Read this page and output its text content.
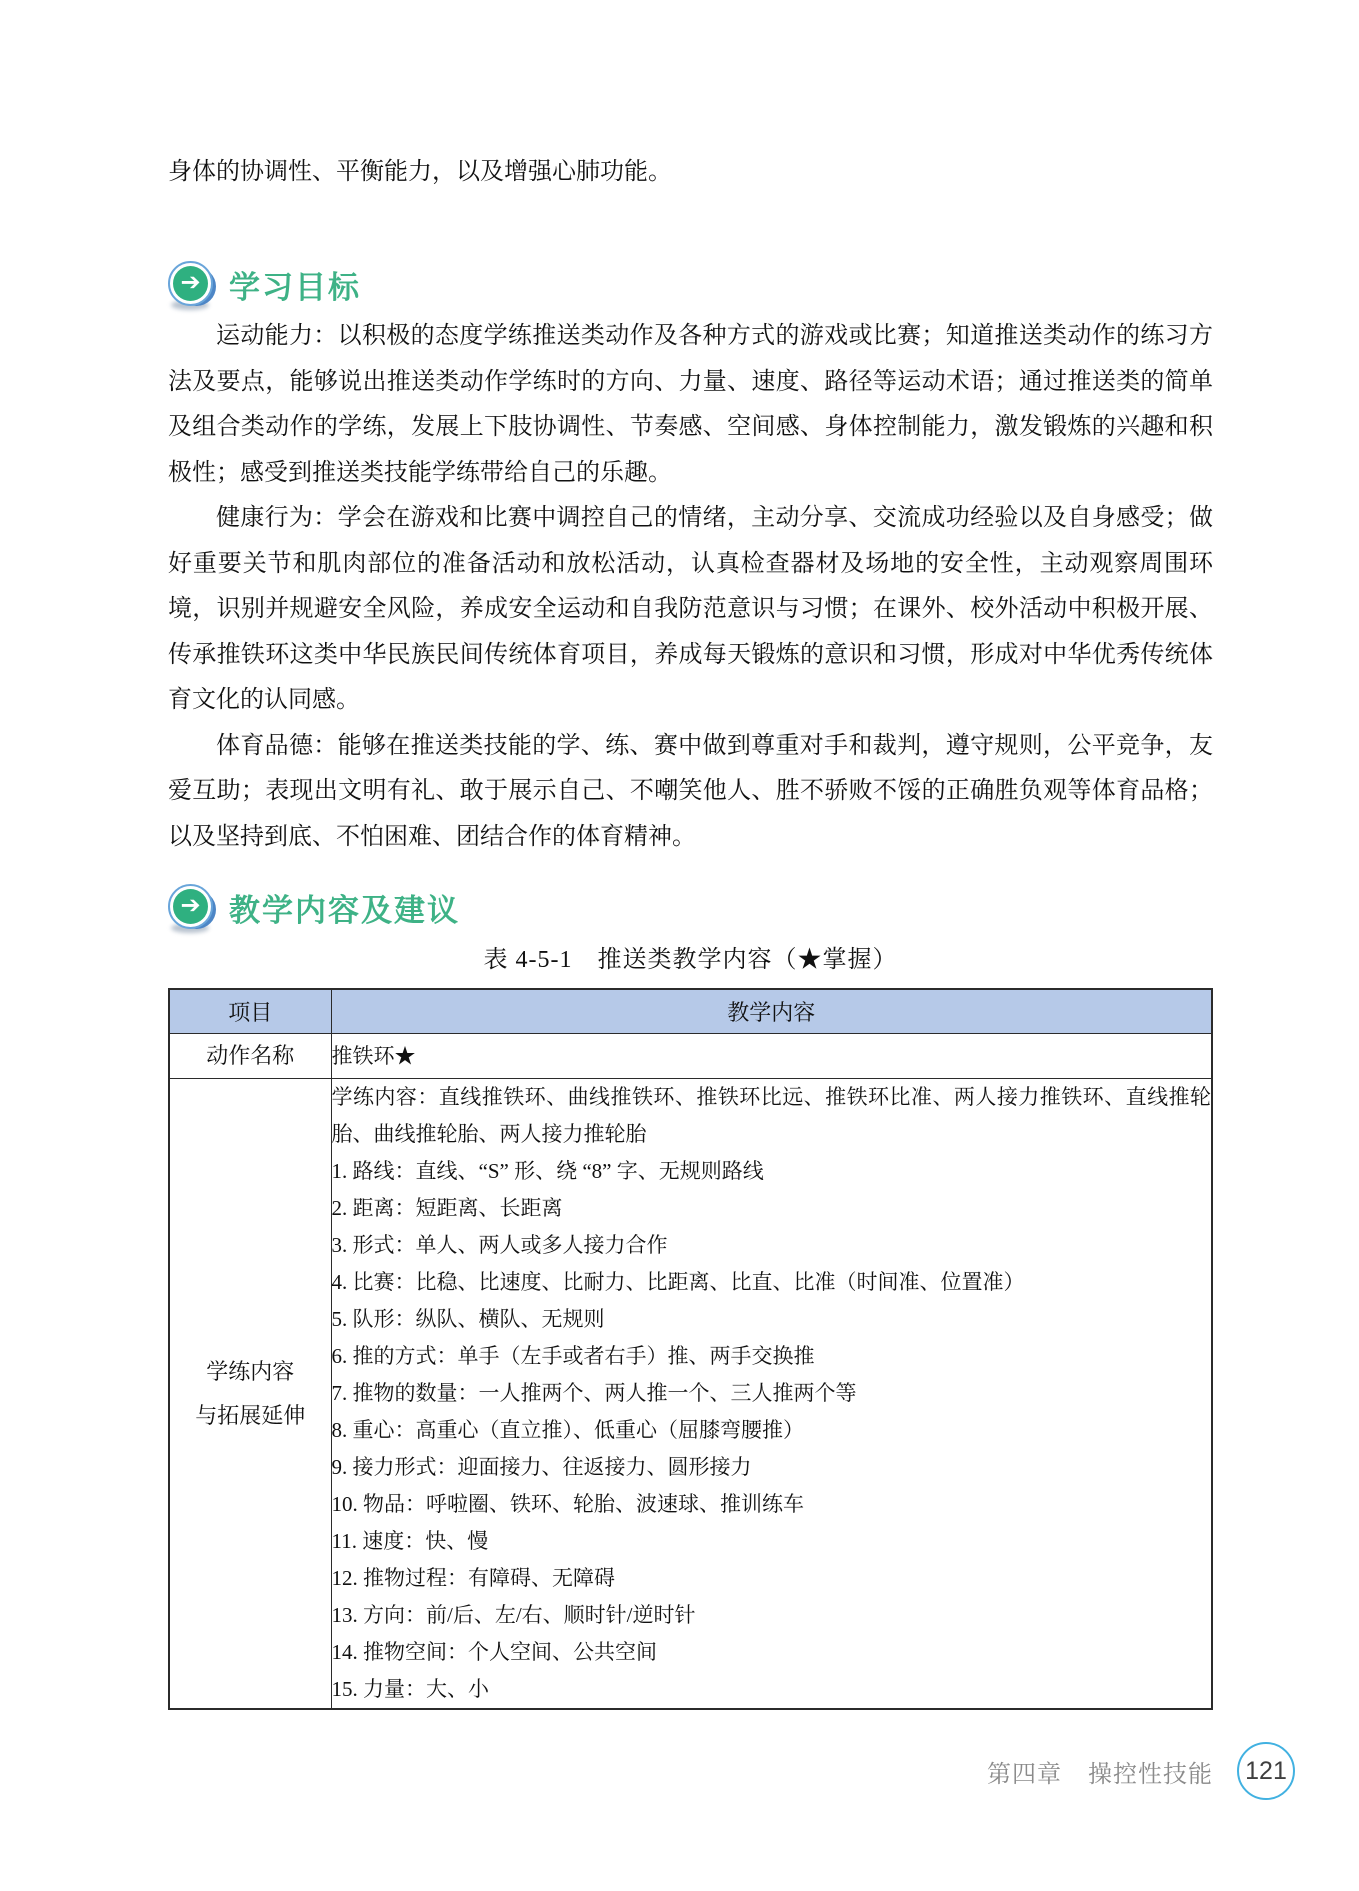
身体的协调性、平衡能力，以及增强心肺功能。

➔ 学习目标
运动能力：以积极的态度学练推送类动作及各种方式的游戏或比赛；知道推送类动作的练习方法及要点，能够说出推送类动作学练时的方向、力量、速度、路径等运动术语；通过推送类的简单及组合类动作的学练，发展上下肢协调性、节奏感、空间感、身体控制能力，激发锻炼的兴趣和积极性；感受到推送类技能学练带给自己的乐趣。
健康行为：学会在游戏和比赛中调控自己的情绪，主动分享、交流成功经验以及自身感受；做好重要关节和肌肉部位的准备活动和放松活动，认真检查器材及场地的安全性，主动观察周围环境，识别并规避安全风险，养成安全运动和自我防范意识与习惯；在课外、校外活动中积极开展、传承推铁环这类中华民族民间传统体育项目，养成每天锻炼的意识和习惯，形成对中华优秀传统体育文化的认同感。
体育品德：能够在推送类技能的学、练、赛中做到尊重对手和裁判，遵守规则，公平竞争，友爱互助；表现出文明有礼、敢于展示自己、不嘲笑他人、胜不骄败不馁的正确胜负观等体育品格；以及坚持到底、不怕困难、团结合作的体育精神。
➔ 教学内容及建议
表 4-5-1　推送类教学内容（★掌握）
项目	教学内容

动作名称	推铁环★

学练内容
与拓展延伸

学练内容：直线推铁环、曲线推铁环、推铁环比远、推铁环比准、两人接力推铁环、直线推轮胎、曲线推轮胎、两人接力推轮胎
1. 路线：直线、“S” 形、绕 “8” 字、无规则路线
2. 距离：短距离、长距离
3. 形式：单人、两人或多人接力合作
4. 比赛：比稳、比速度、比耐力、比距离、比直、比准（时间准、位置准）
5. 队形：纵队、横队、无规则
6. 推的方式：单手（左手或者右手）推、两手交换推
7. 推物的数量：一人推两个、两人推一个、三人推两个等
8. 重心：高重心（直立推）、低重心（屈膝弯腰推）
9. 接力形式：迎面接力、往返接力、圆形接力
10. 物品：呼啦圈、铁环、轮胎、波速球、推训练车
11. 速度：快、慢
12. 推物过程：有障碍、无障碍
13. 方向：前/后、左/右、顺时针/逆时针
14. 推物空间：个人空间、公共空间
15. 力量：大、小
第四章 操控性技能	121
